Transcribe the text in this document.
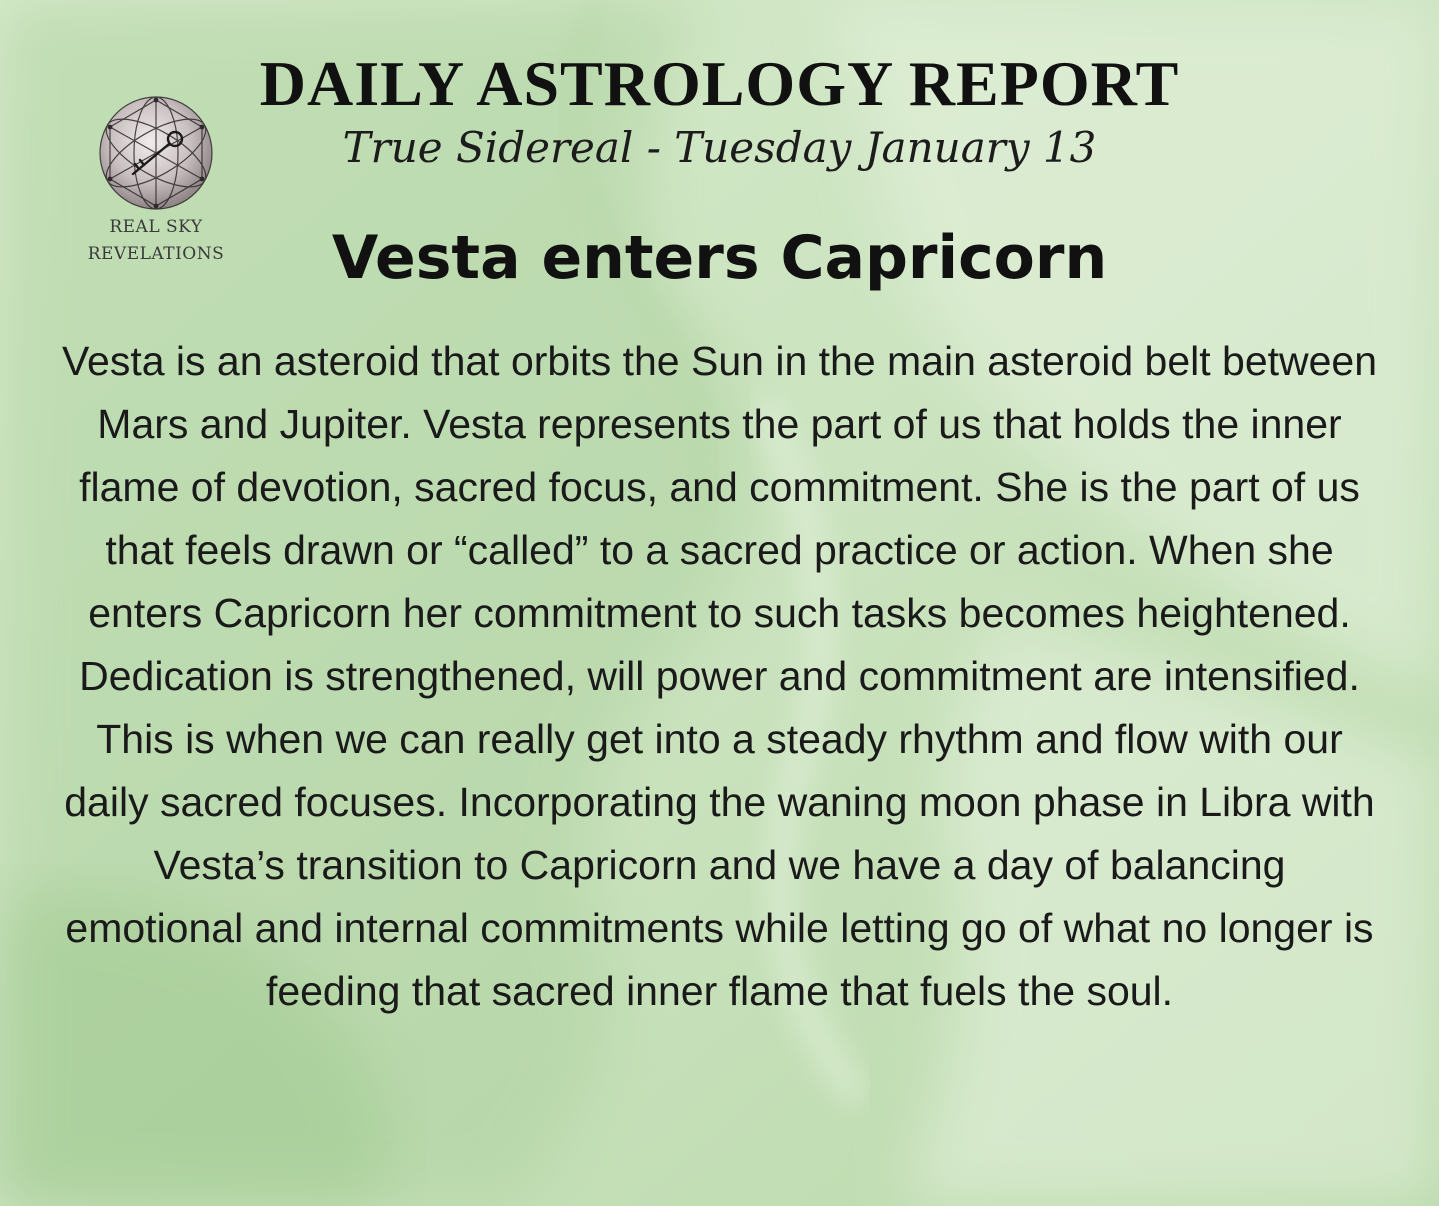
REAL SKY
REVELATIONS
DAILY ASTROLOGY REPORT

True Sidereal - Tuesday January 13

Vesta enters Capricorn

Vesta is an asteroid that orbits the Sun in the main asteroid belt between Mars and Jupiter. Vesta represents the part of us that holds the inner flame of devotion, sacred focus, and commitment. She is the part of us that feels drawn or “called” to a sacred practice or action. When she enters Capricorn her commitment to such tasks becomes heightened. Dedication is strengthened, will power and commitment are intensified. This is when we can really get into a steady rhythm and flow with our daily sacred focuses. Incorporating the waning moon phase in Libra with Vesta’s transition to Capricorn and we have a day of balancing emotional and internal commitments while letting go of what no longer is feeding that sacred inner flame that fuels the soul.
